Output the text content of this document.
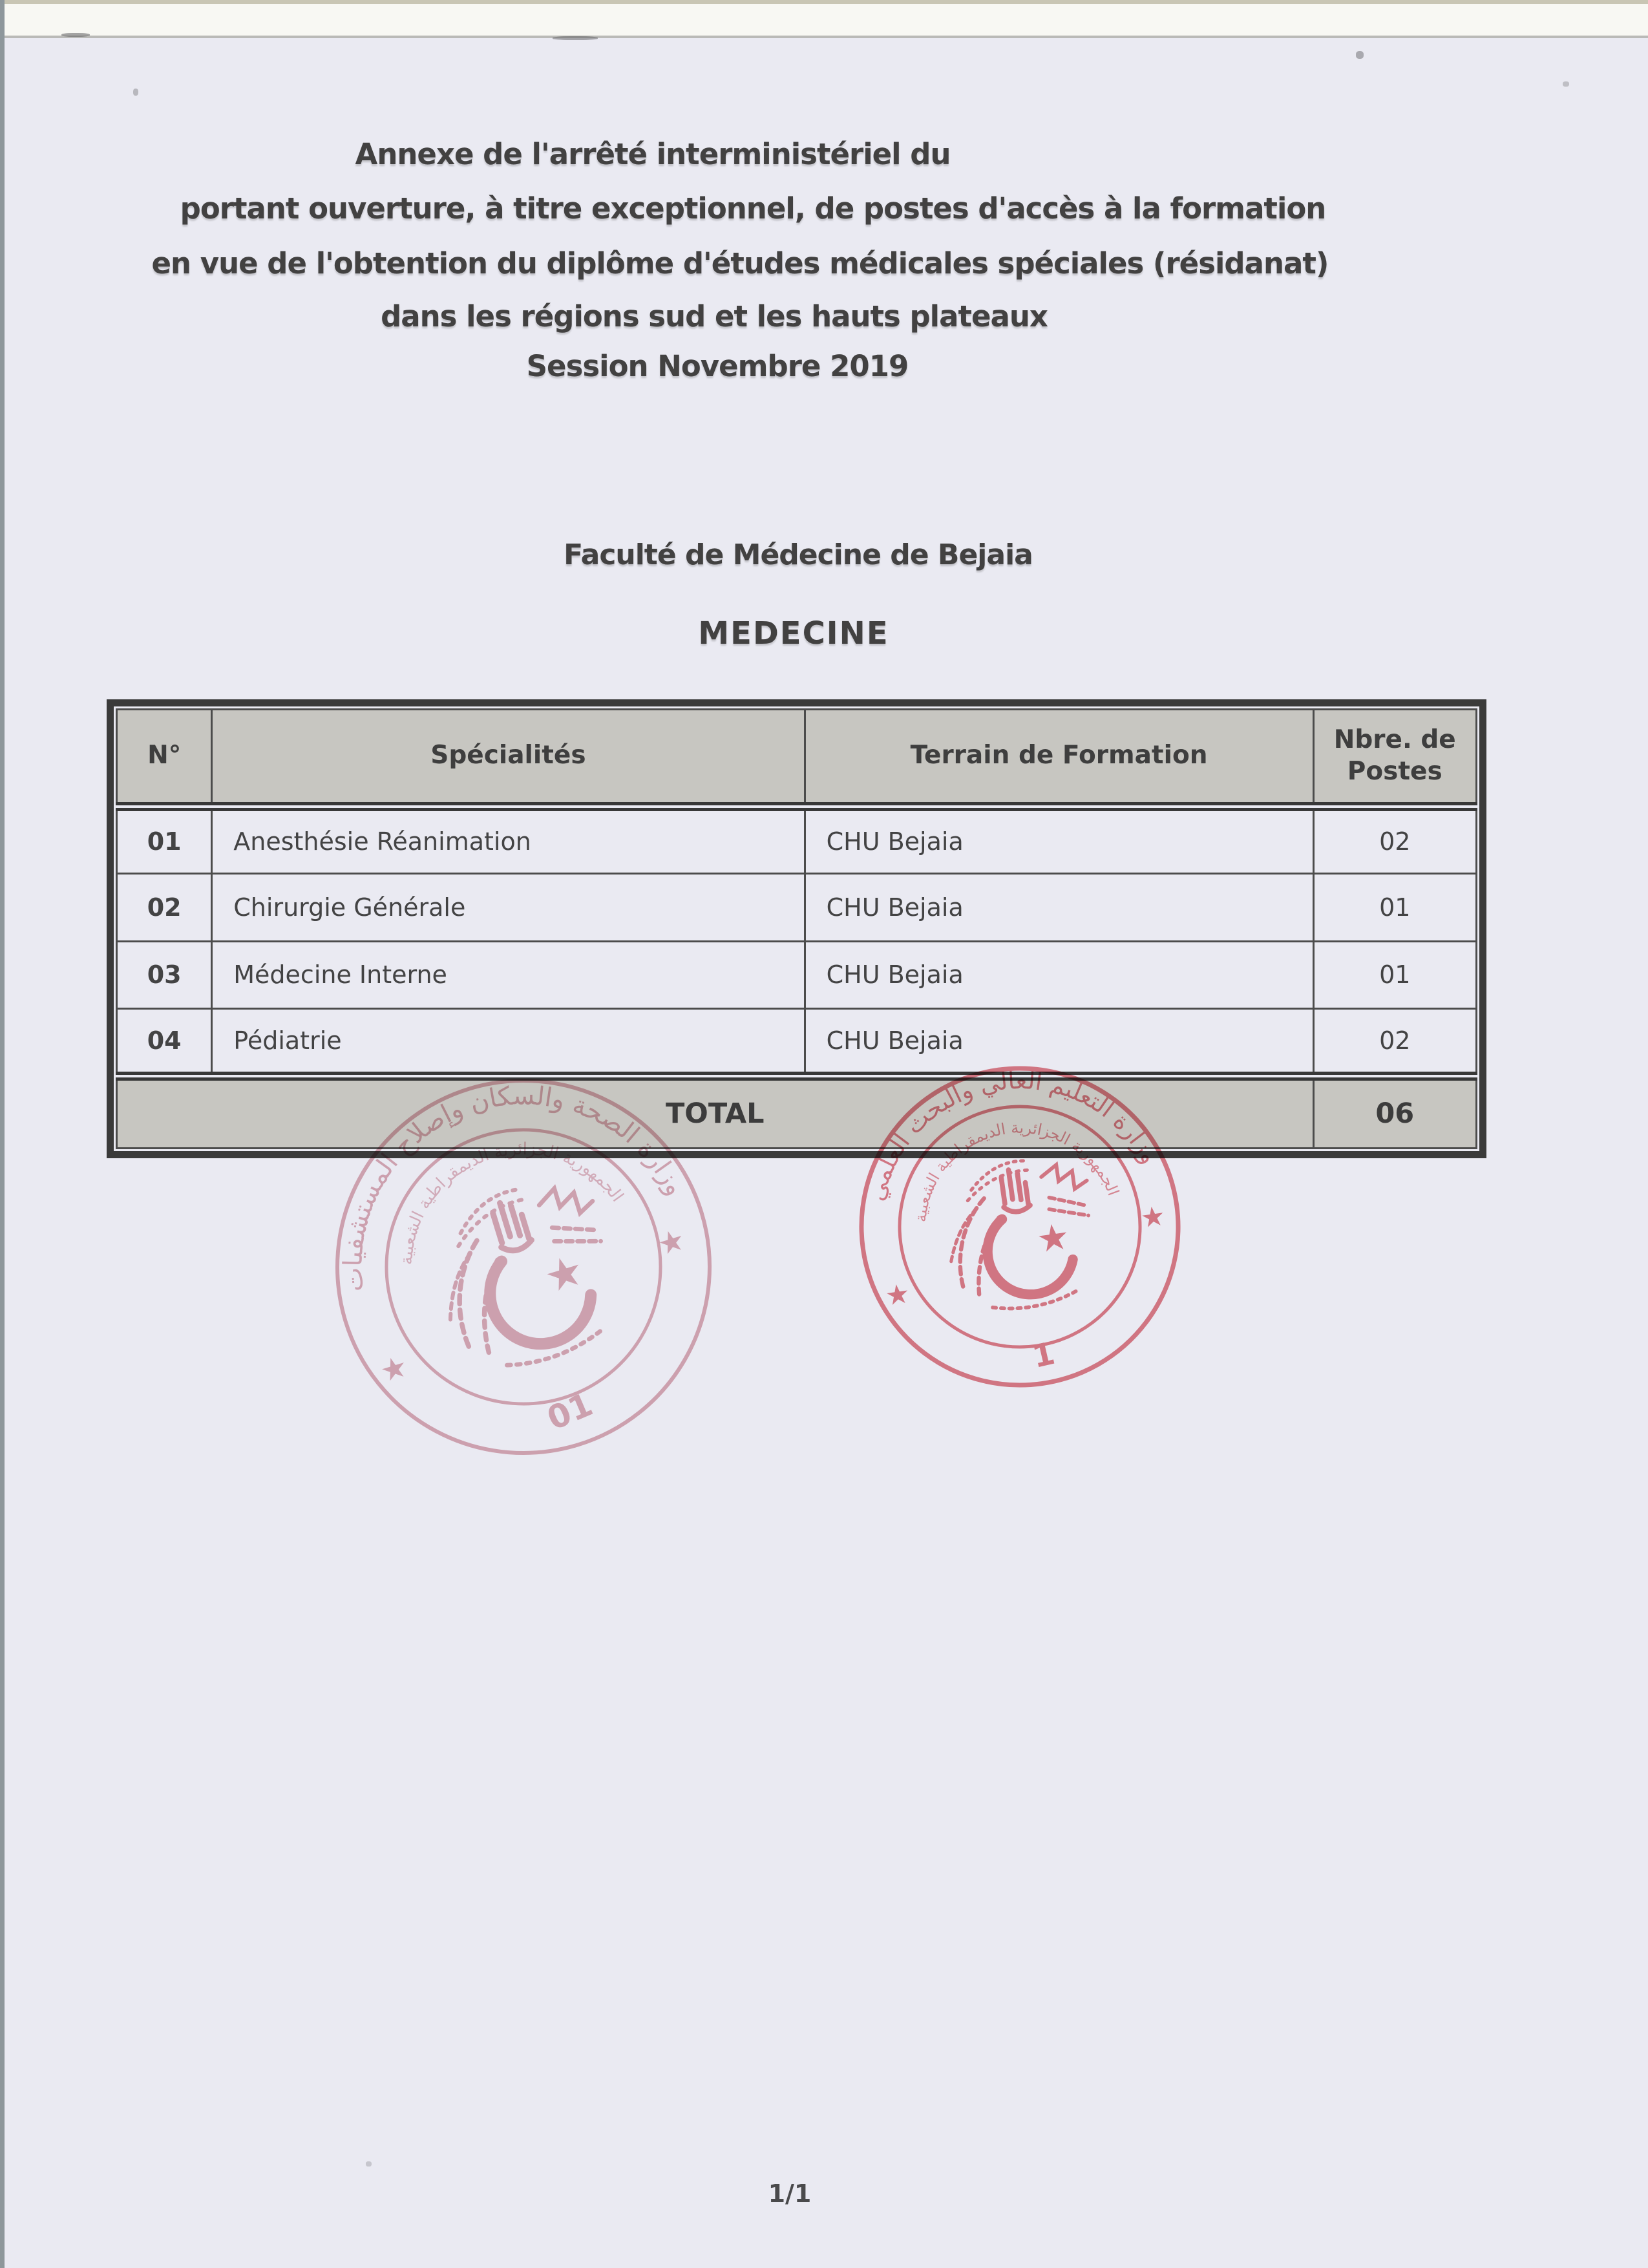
Annexe de l'arrêté interministériel du
portant ouverture, à titre exceptionnel, de postes d'accès à la formation
en vue de l'obtention du diplôme d'études médicales spéciales (résidanat)
dans les régions sud et les hauts plateaux
Session Novembre 2019
Faculté de Médecine de Bejaia
MEDECINE
N°	Spécialités	Terrain de Formation	Nbre. de Postes
01	Anesthésie Réanimation	CHU Bejaia	02
02	Chirurgie Générale	CHU Bejaia	01
03	Médecine Interne	CHU Bejaia	01
04	Pédiatrie	CHU Bejaia	02
TOTAL			06
★
وزارة الصحة والسكان وإصلاح المستشفيات
الجمهورية الجزائرية الديمقراطية الشعبية
★
★
01
وزارة التعليم العالي والبحث العلمي
الجمهورية الجزائرية الديمقراطية الشعبية
★
★
1
1/1
